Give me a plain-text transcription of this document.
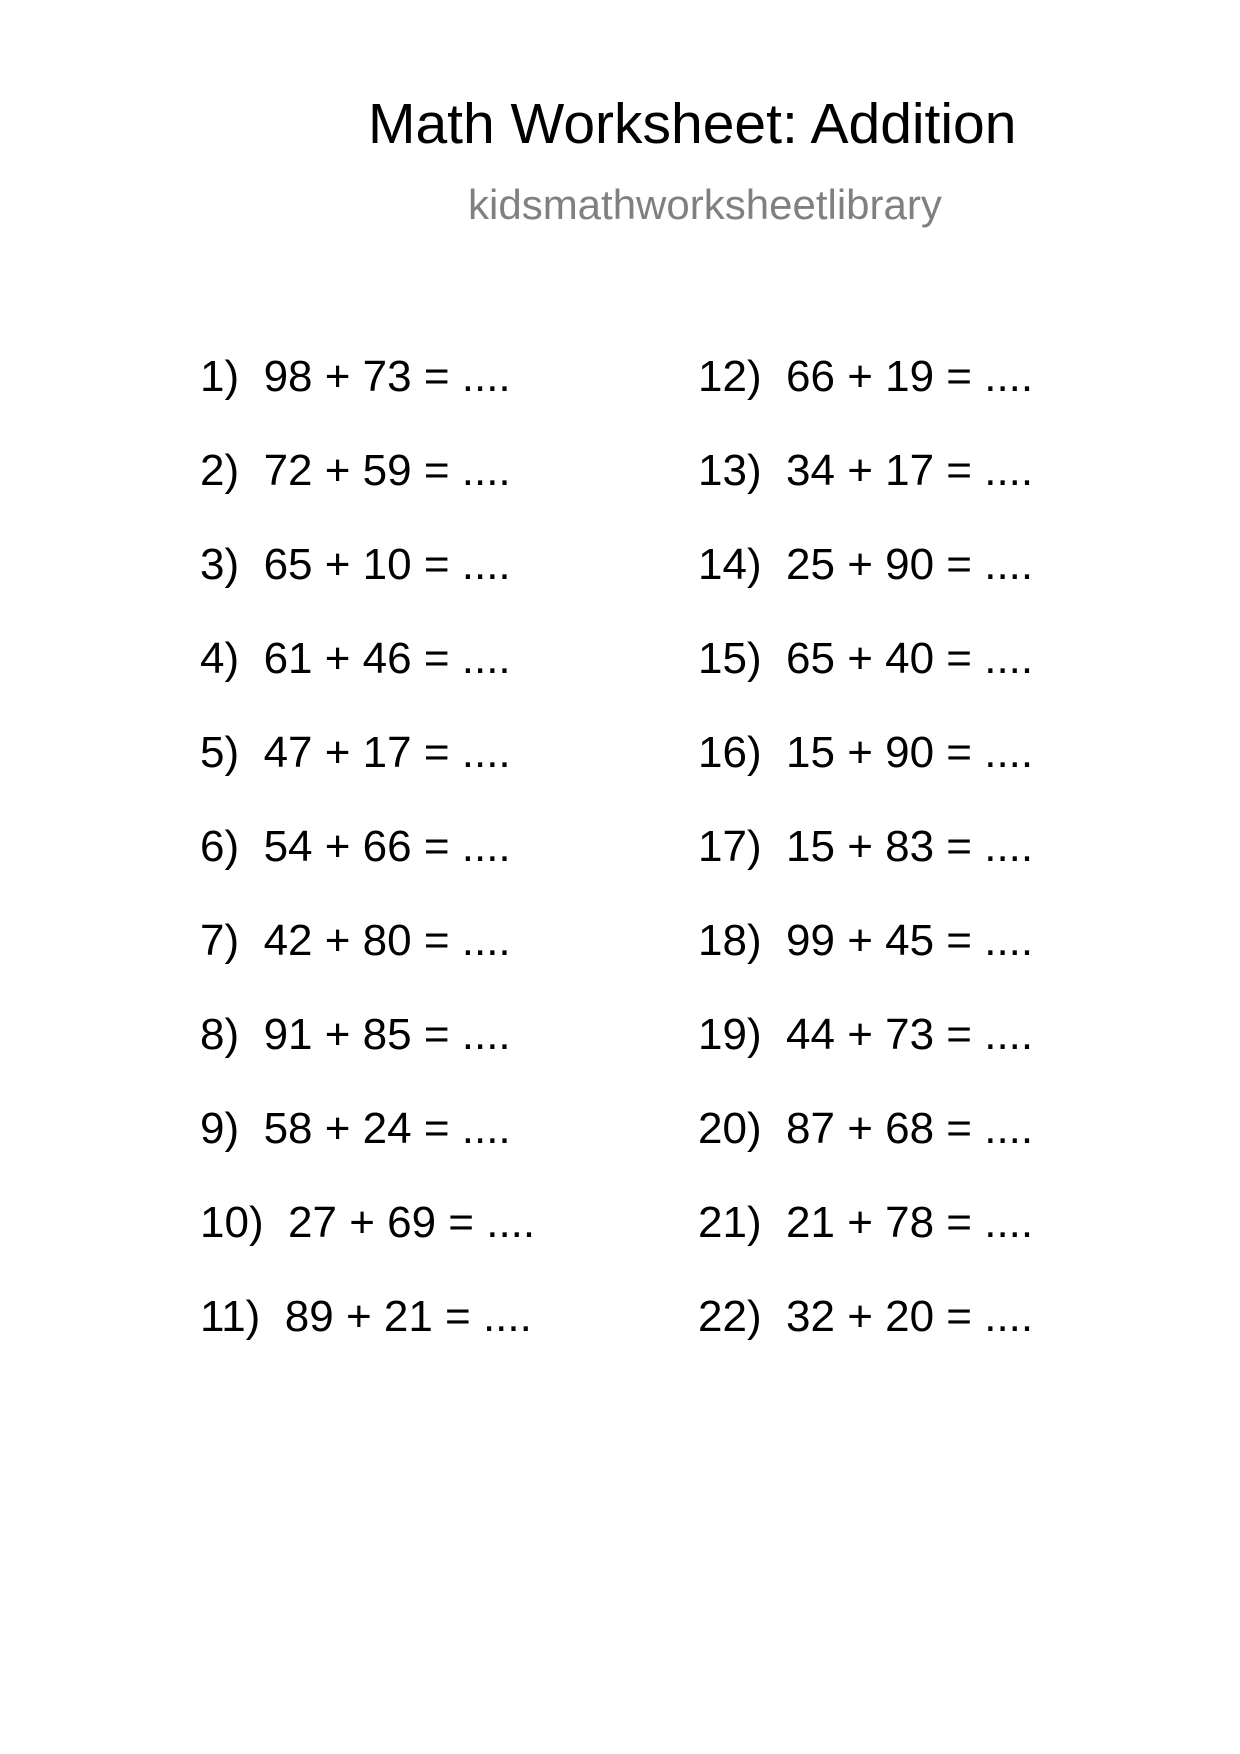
Math Worksheet: Addition
kidsmathworksheetlibrary
1)  98 + 73 = ....
2)  72 + 59 = ....
3)  65 + 10 = ....
4)  61 + 46 = ....
5)  47 + 17 = ....
6)  54 + 66 = ....
7)  42 + 80 = ....
8)  91 + 85 = ....
9)  58 + 24 = ....
10)  27 + 69 = ....
11)  89 + 21 = ....
12)  66 + 19 = ....
13)  34 + 17 = ....
14)  25 + 90 = ....
15)  65 + 40 = ....
16)  15 + 90 = ....
17)  15 + 83 = ....
18)  99 + 45 = ....
19)  44 + 73 = ....
20)  87 + 68 = ....
21)  21 + 78 = ....
22)  32 + 20 = ....
